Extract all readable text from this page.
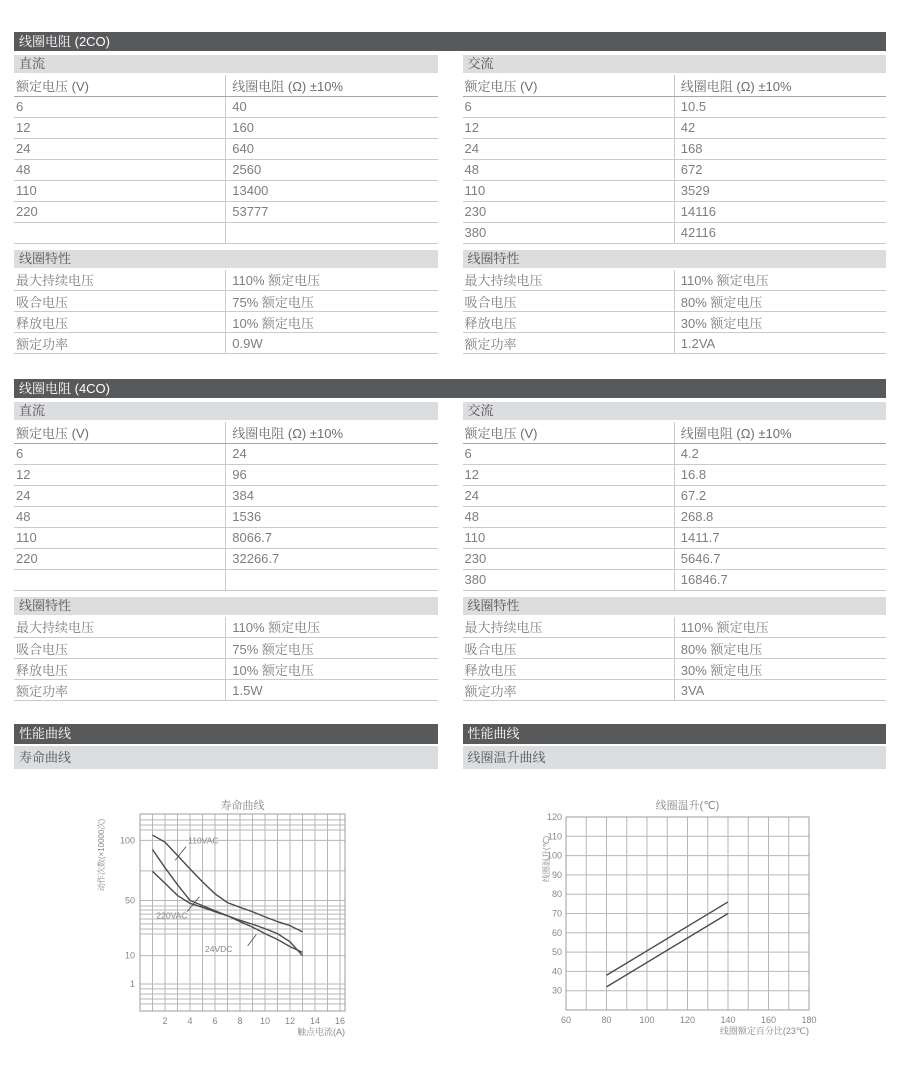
线圈电阻 (2CO)
直流
额定电压 (V)	线圈电阻 (Ω) ±10%
6	40
12	160
24	640
48	2560
110	13400
220	53777

线圈特性
最大持续电压	110% 额定电压
吸合电压	75% 额定电压
释放电压	10% 额定电压
额定功率	0.9W
交流
额定电压 (V)	线圈电阻 (Ω) ±10%
6	10.5
12	42
24	168
48	672
110	3529
230	14116
380	42116
线圈特性
最大持续电压	110% 额定电压
吸合电压	80% 额定电压
释放电压	30% 额定电压
额定功率	1.2VA
线圈电阻 (4CO)
直流
额定电压 (V)	线圈电阻 (Ω) ±10%
6	24
12	96
24	384
48	1536
110	8066.7
220	32266.7

线圈特性
最大持续电压	110% 额定电压
吸合电压	75% 额定电压
释放电压	10% 额定电压
额定功率	1.5W
交流
额定电压 (V)	线圈电阻 (Ω) ±10%
6	4.2
12	16.8
24	67.2
48	268.8
110	1411.7
230	5646.7
380	16846.7
线圈特性
最大持续电压	110% 额定电压
吸合电压	80% 额定电压
释放电压	30% 额定电压
额定功率	3VA
性能曲线
寿命曲线
性能曲线
线圈温升曲线
100
50
10
1
2 4 6 8 10 12 14 16
110VAC
220VAC
24VDC
寿命曲线
触点电流(A)
动作次数(×10000次)
30
40
50
60
70
80
90
100
110
120
60	80	100	120	140	160	180
线圈温升(℃)
线圈额定百分比(23℃)
线圈温升(℃)
